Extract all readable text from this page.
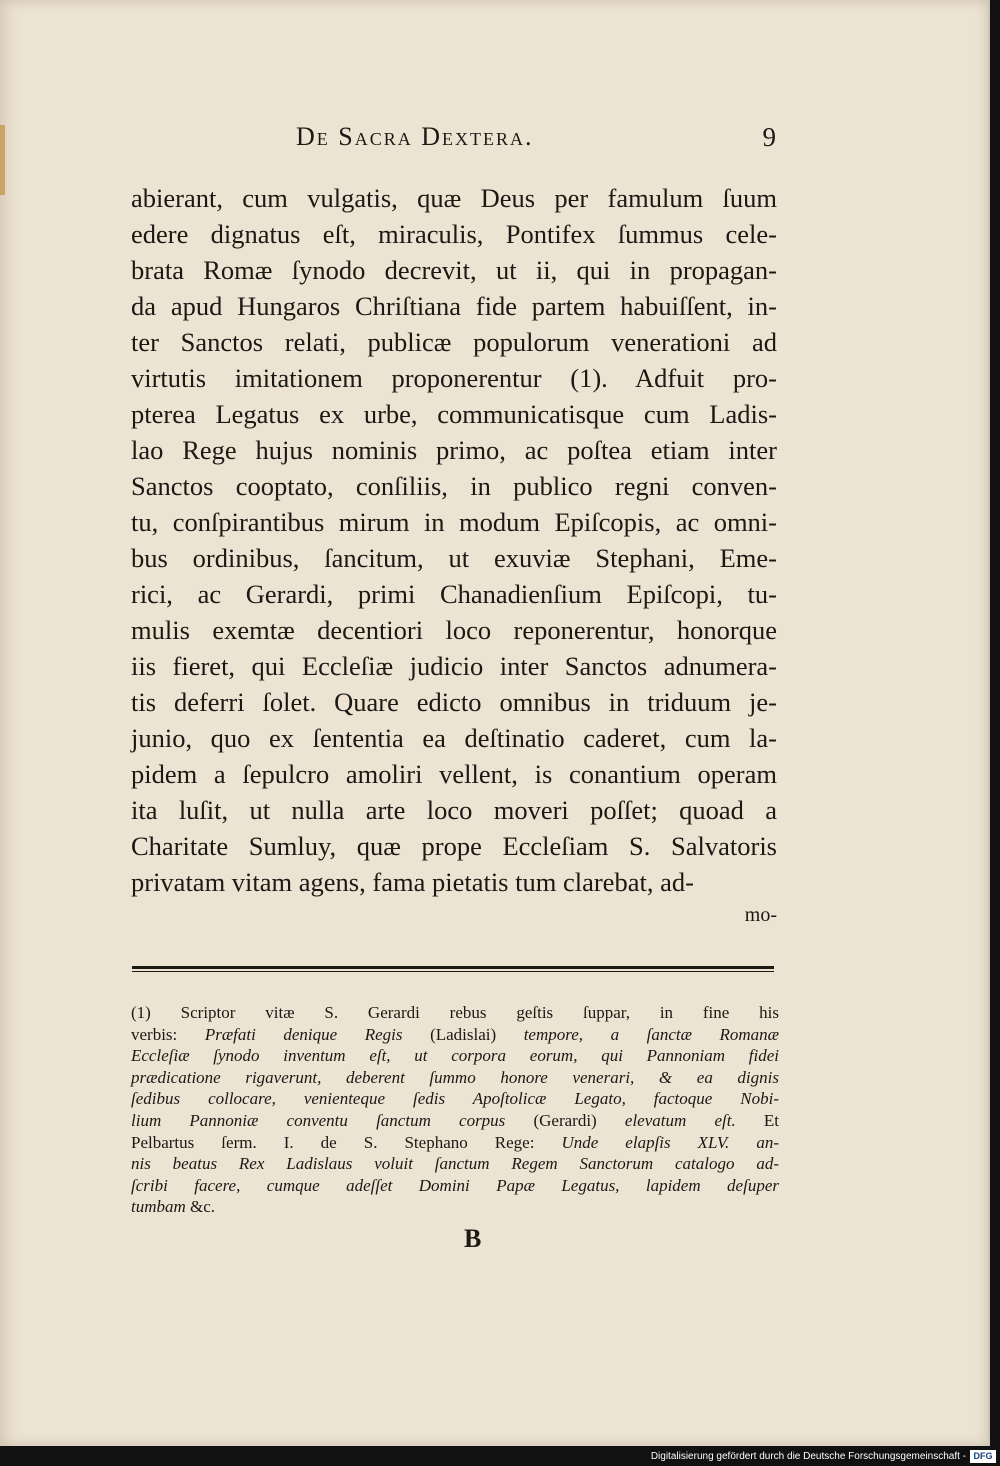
De Sacra Dextera.	9
abierant, cum vulgatis, quæ Deus per famulum ſuum
edere dignatus eſt, miraculis, Pontifex ſummus cele-
brata Romæ ſynodo decrevit, ut ii, qui in propagan-
da apud Hungaros Chriſtiana fide partem habuiſſent, in-
ter Sanctos relati, publicæ populorum venerationi ad
virtutis imitationem proponerentur (1). Adfuit pro-
pterea Legatus ex urbe, communicatisque cum Ladis-
lao Rege hujus nominis primo, ac poſtea etiam inter
Sanctos cooptato, conſiliis, in publico regni conven-
tu, conſpirantibus mirum in modum Epiſcopis, ac omni-
bus ordinibus, ſancitum, ut exuviæ Stephani, Eme-
rici, ac Gerardi, primi Chanadienſium Epiſcopi, tu-
mulis exemtæ decentiori loco reponerentur, honorque
iis fieret, qui Eccleſiæ judicio inter Sanctos adnumera-
tis deferri ſolet. Quare edicto omnibus in triduum je-
junio, quo ex ſententia ea deſtinatio caderet, cum la-
pidem a ſepulcro amoliri vellent, is conantium operam
ita luſit, ut nulla arte loco moveri poſſet; quoad a
Charitate Sumluy, quæ prope Eccleſiam S. Salvatoris
privatam vitam agens, fama pietatis tum clarebat, ad-
mo-
(1) Scriptor vitæ S. Gerardi rebus geſtis ſuppar, in fine his
verbis: Præfati denique Regis (Ladislai) tempore, a ſanctæ Romanæ
Eccleſiæ ſynodo inventum eſt, ut corpora eorum, qui Pannoniam fidei
prædicatione rigaverunt, deberent ſummo honore venerari, & ea dignis
ſedibus collocare, venienteque ſedis Apoſtolicæ Legato, factoque Nobi-
lium Pannoniæ conventu ſanctum corpus (Gerardi) elevatum eſt. Et
Pelbartus ſerm. I. de S. Stephano Rege: Unde elapſis XLV. an-
nis beatus Rex Ladislaus voluit ſanctum Regem Sanctorum catalogo ad-
ſcribi facere, cumque adeſſet Domini Papæ Legatus, lapidem deſuper
tumbam &c.
B
Digitalisierung gefördert durch die Deutsche Forschungsgemeinschaft - DFG
